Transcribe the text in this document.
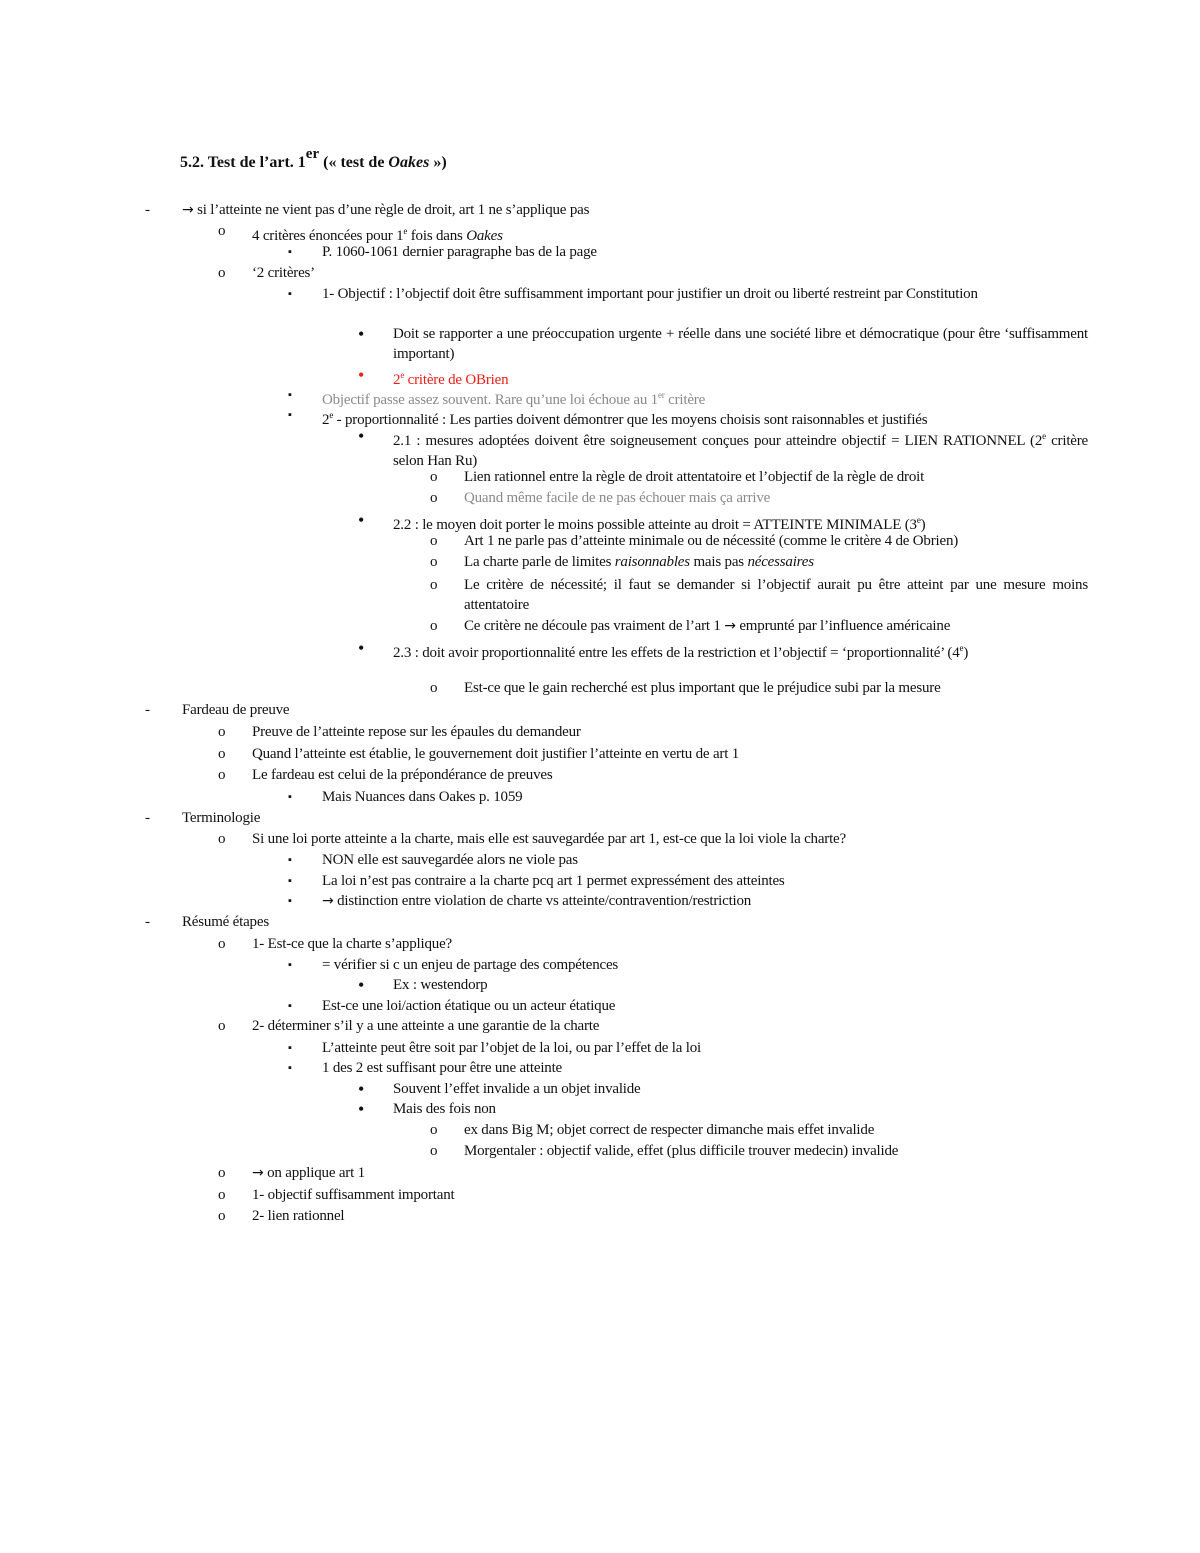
5.2. Test de l’art. 1er (« test de Oakes »)
- → si l’atteinte ne vient pas d’une règle de droit, art 1 ne s’applique pas
o 4 critères énoncées pour 1e fois dans Oakes
▪ P. 1060-1061 dernier paragraphe bas de la page
o ‘2 critères’
▪ 1- Objectif : l’objectif doit être suffisamment important pour justifier un droit ou liberté restreint par Constitution
• Doit se rapporter a une préoccupation urgente + réelle dans une société libre et démocratique (pour être ‘suffisamment important)
• 2e critère de OBrien
▪ Objectif passe assez souvent. Rare qu’une loi échoue au 1er critère
▪ 2e - proportionnalité : Les parties doivent démontrer que les moyens choisis sont raisonnables et justifiés
• 2.1 : mesures adoptées doivent être soigneusement conçues pour atteindre objectif = LIEN RATIONNEL (2e critère selon Han Ru)
o Lien rationnel entre la règle de droit attentatoire et l’objectif de la règle de droit
o Quand même facile de ne pas échouer mais ça arrive
• 2.2 : le moyen doit porter le moins possible atteinte au droit = ATTEINTE MINIMALE (3e)
o Art 1 ne parle pas d’atteinte minimale ou de nécessité (comme le critère 4 de Obrien)
o La charte parle de limites raisonnables mais pas nécessaires
o Le critère de nécessité; il faut se demander si l’objectif aurait pu être atteint par une mesure moins attentatoire
o Ce critère ne découle pas vraiment de l’art 1 → emprunté par l’influence américaine
• 2.3 : doit avoir proportionnalité entre les effets de la restriction et l’objectif = ‘proportionnalité’ (4e)
o Est-ce que le gain recherché est plus important que le préjudice subi par la mesure
- Fardeau de preuve
o Preuve de l’atteinte repose sur les épaules du demandeur
o Quand l’atteinte est établie, le gouvernement doit justifier l’atteinte en vertu de art 1
o Le fardeau est celui de la prépondérance de preuves
▪ Mais Nuances dans Oakes p. 1059
- Terminologie
o Si une loi porte atteinte a la charte, mais elle est sauvegardée par art 1, est-ce que la loi viole la charte?
▪ NON elle est sauvegardée alors ne viole pas
▪ La loi n’est pas contraire a la charte pcq art 1 permet expressément des atteintes
▪ → distinction entre violation de charte vs atteinte/contravention/restriction
- Résumé étapes
o 1- Est-ce que la charte s’applique?
▪ = vérifier si c un enjeu de partage des compétences
• Ex : westendorp
▪ Est-ce une loi/action étatique ou un acteur étatique
o 2- déterminer s’il y a une atteinte a une garantie de la charte
▪ L’atteinte peut être soit par l’objet de la loi, ou par l’effet de la loi
▪ 1 des 2 est suffisant pour être une atteinte
• Souvent l’effet invalide a un objet invalide
• Mais des fois non
o ex dans Big M; objet correct de respecter dimanche mais effet invalide
o Morgentaler : objectif valide, effet (plus difficile trouver medecin) invalide
o → on applique art 1
o 1- objectif suffisamment important
o 2- lien rationnel
